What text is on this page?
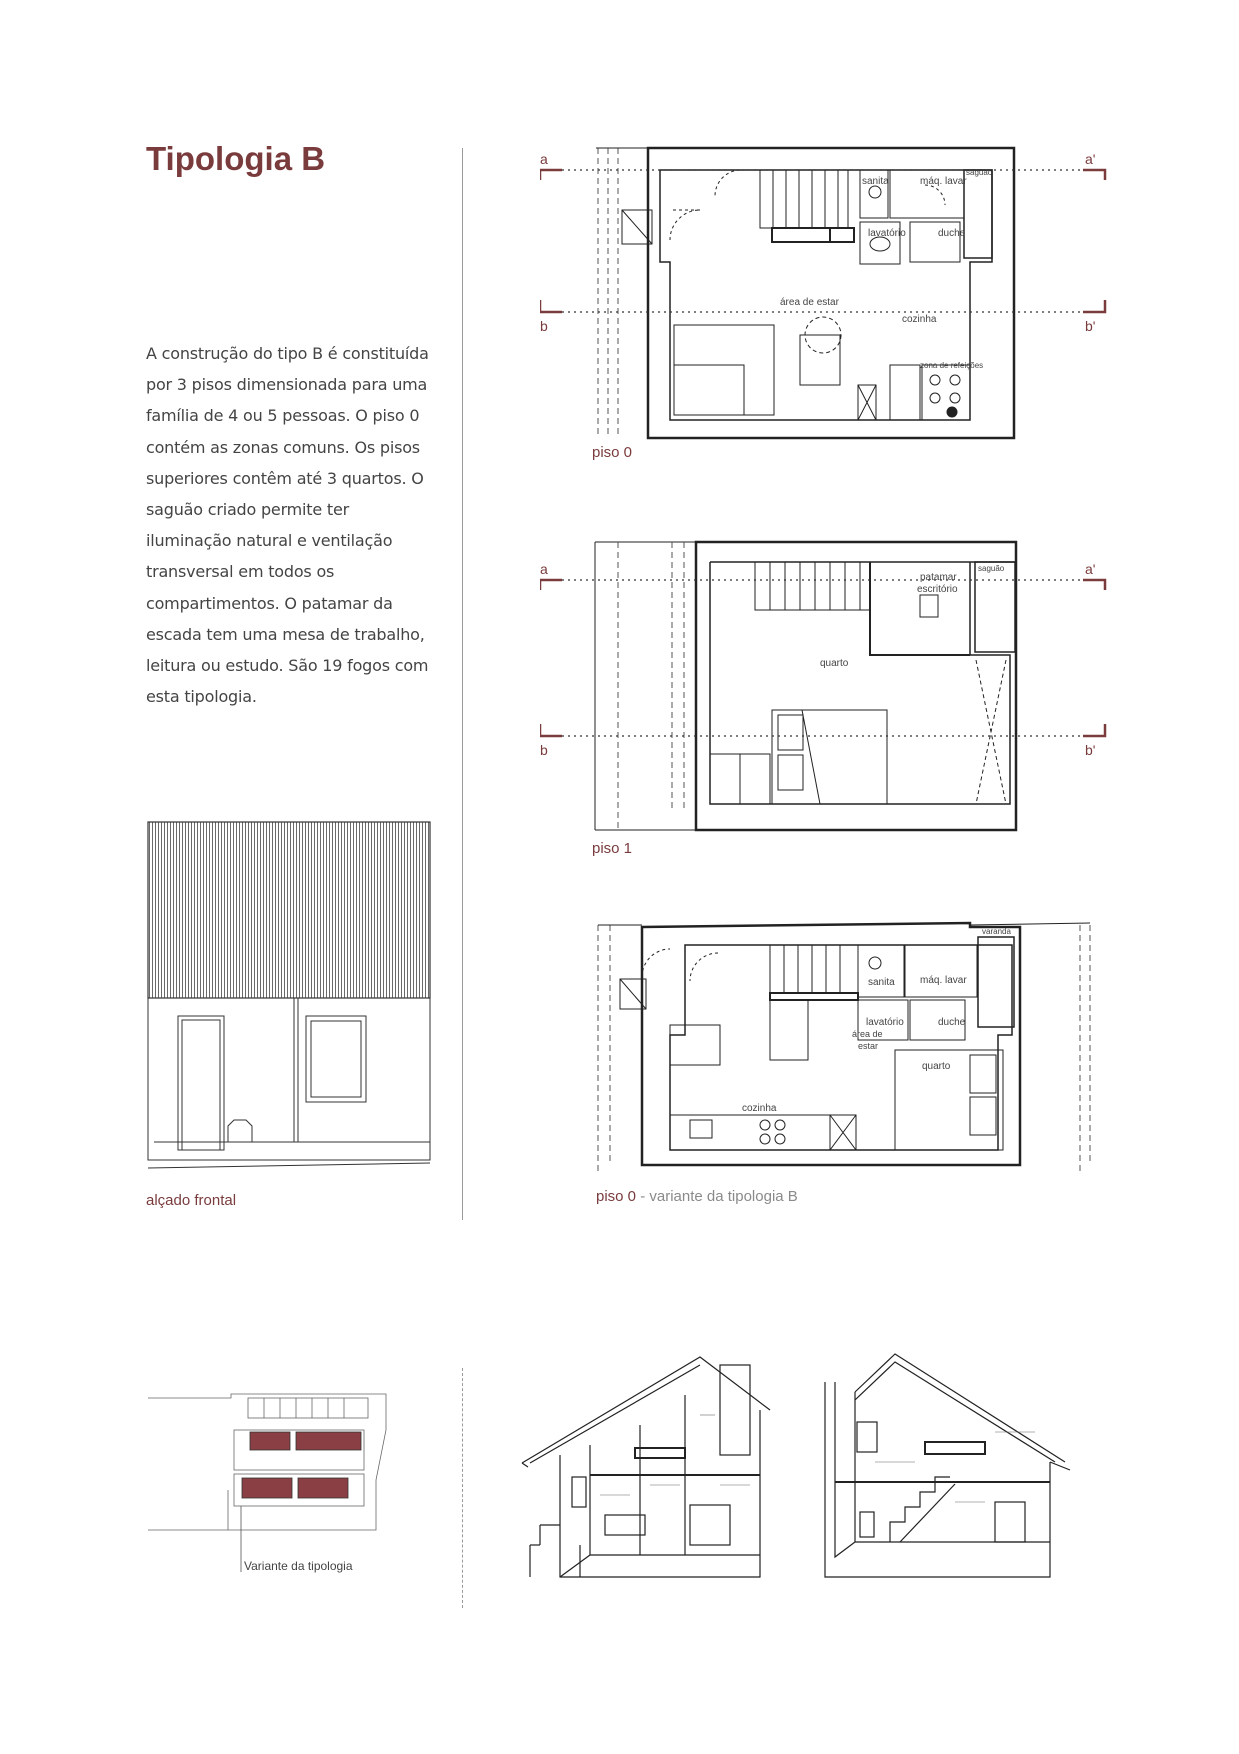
Tipologia B
A construção do tipo B é constituída por 3 pisos dimensionada para uma família de 4 ou 5 pessoas. O piso 0 contém as zonas comuns. Os pisos superiores contêm até 3 quartos. O saguão criado permite ter iluminação natural e ventilação transversal em todos os compartimentos. O patamar da escada tem uma mesa de trabalho, leitura ou estudo. São 19 fogos com esta tipologia.
a	a'
b	b'
sanita	máq. lavar
saguão
lavatório	duche
área de estar
cozinha
zona de refeições
piso 0
a	a'
b	b'
patamar
escritório
saguão
quarto
piso 1
alçado frontal
varanda
sanita	máq. lavar
lavatório	duche
área de
estar
quarto
cozinha
piso 0 - variante da tipologia B
Variante da tipologia
